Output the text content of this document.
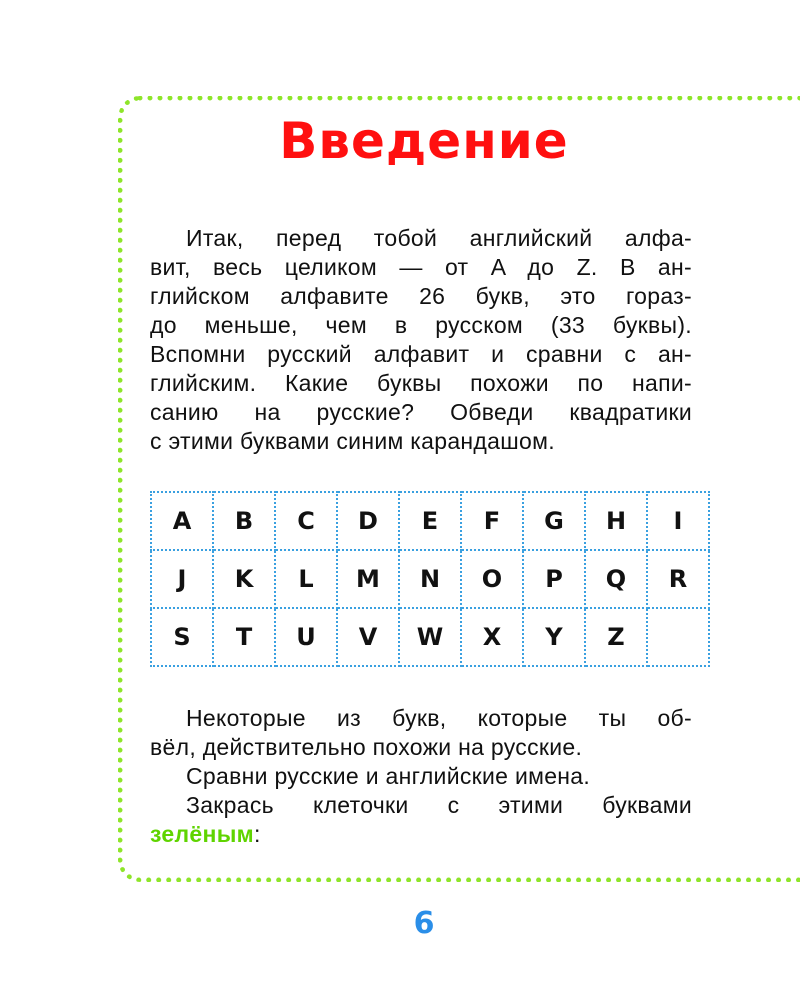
Введение
Итак, перед тобой английский алфа-
вит, весь целиком — от A до Z. В ан-
глийском алфавите 26 букв, это гораз-
до меньше, чем в русском (33 буквы).
Вспомни русский алфавит и сравни с ан-
глийским. Какие буквы похожи по напи-
санию на русские? Обведи квадратики
с этими буквами синим карандашом.
A	B	C	D	E	F	G	H	I
J	K	L	M	N	O	P	Q	R
S	T	U	V	W	X	Y	Z	
Некоторые из букв, которые ты об-
вёл, действительно похожи на русские.
Сравни русские и английские имена.
Закрась клеточки с этими буквами
зелёным:
6
